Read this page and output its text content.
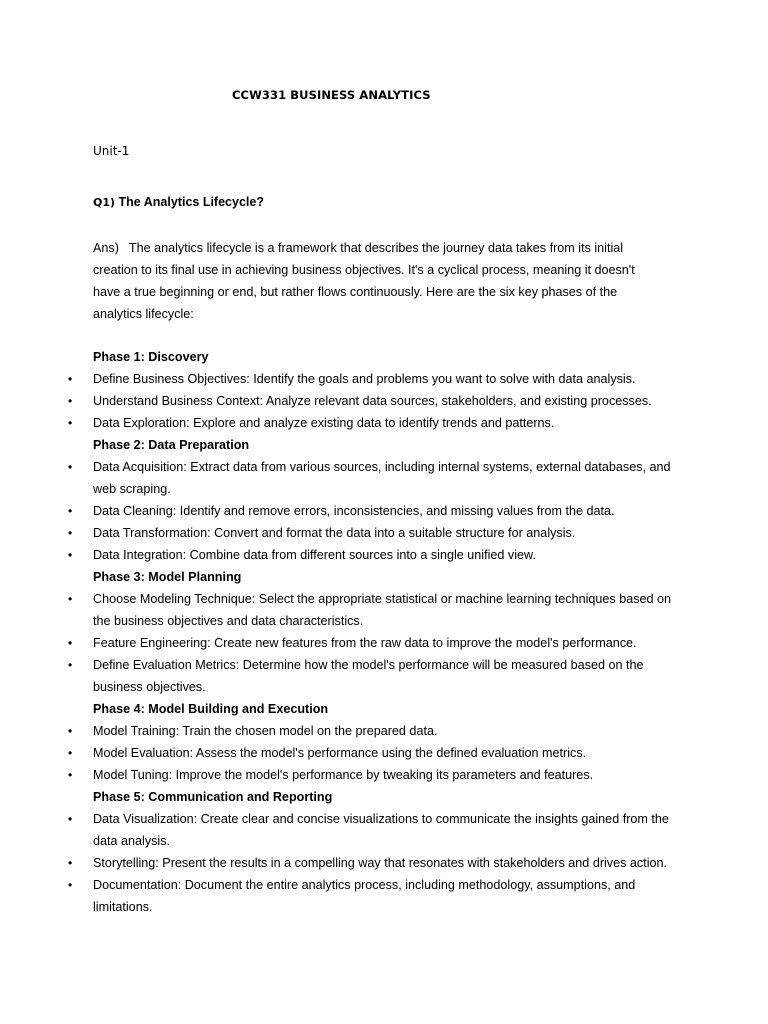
CCW331 BUSINESS ANALYTICS
Unit-1
Q1) The Analytics Lifecycle?

Ans) The analytics lifecycle is a framework that describes the journey data takes from its initial creation to its final use in achieving business objectives. It's a cyclical process, meaning it doesn't have a true beginning or end, but rather flows continuously. Here are the six key phases of the analytics lifecycle:

Phase 1: Discovery
• Define Business Objectives: Identify the goals and problems you want to solve with data analysis.
• Understand Business Context: Analyze relevant data sources, stakeholders, and existing processes.
• Data Exploration: Explore and analyze existing data to identify trends and patterns.
Phase 2: Data Preparation
• Data Acquisition: Extract data from various sources, including internal systems, external databases, and web scraping.
• Data Cleaning: Identify and remove errors, inconsistencies, and missing values from the data.
• Data Transformation: Convert and format the data into a suitable structure for analysis.
• Data Integration: Combine data from different sources into a single unified view.
Phase 3: Model Planning
• Choose Modeling Technique: Select the appropriate statistical or machine learning techniques based on the business objectives and data characteristics.
• Feature Engineering: Create new features from the raw data to improve the model's performance.
• Define Evaluation Metrics: Determine how the model's performance will be measured based on the business objectives.
Phase 4: Model Building and Execution
• Model Training: Train the chosen model on the prepared data.
• Model Evaluation: Assess the model's performance using the defined evaluation metrics.
• Model Tuning: Improve the model's performance by tweaking its parameters and features.
Phase 5: Communication and Reporting
• Data Visualization: Create clear and concise visualizations to communicate the insights gained from the data analysis.
• Storytelling: Present the results in a compelling way that resonates with stakeholders and drives action.
• Documentation: Document the entire analytics process, including methodology, assumptions, and limitations.
